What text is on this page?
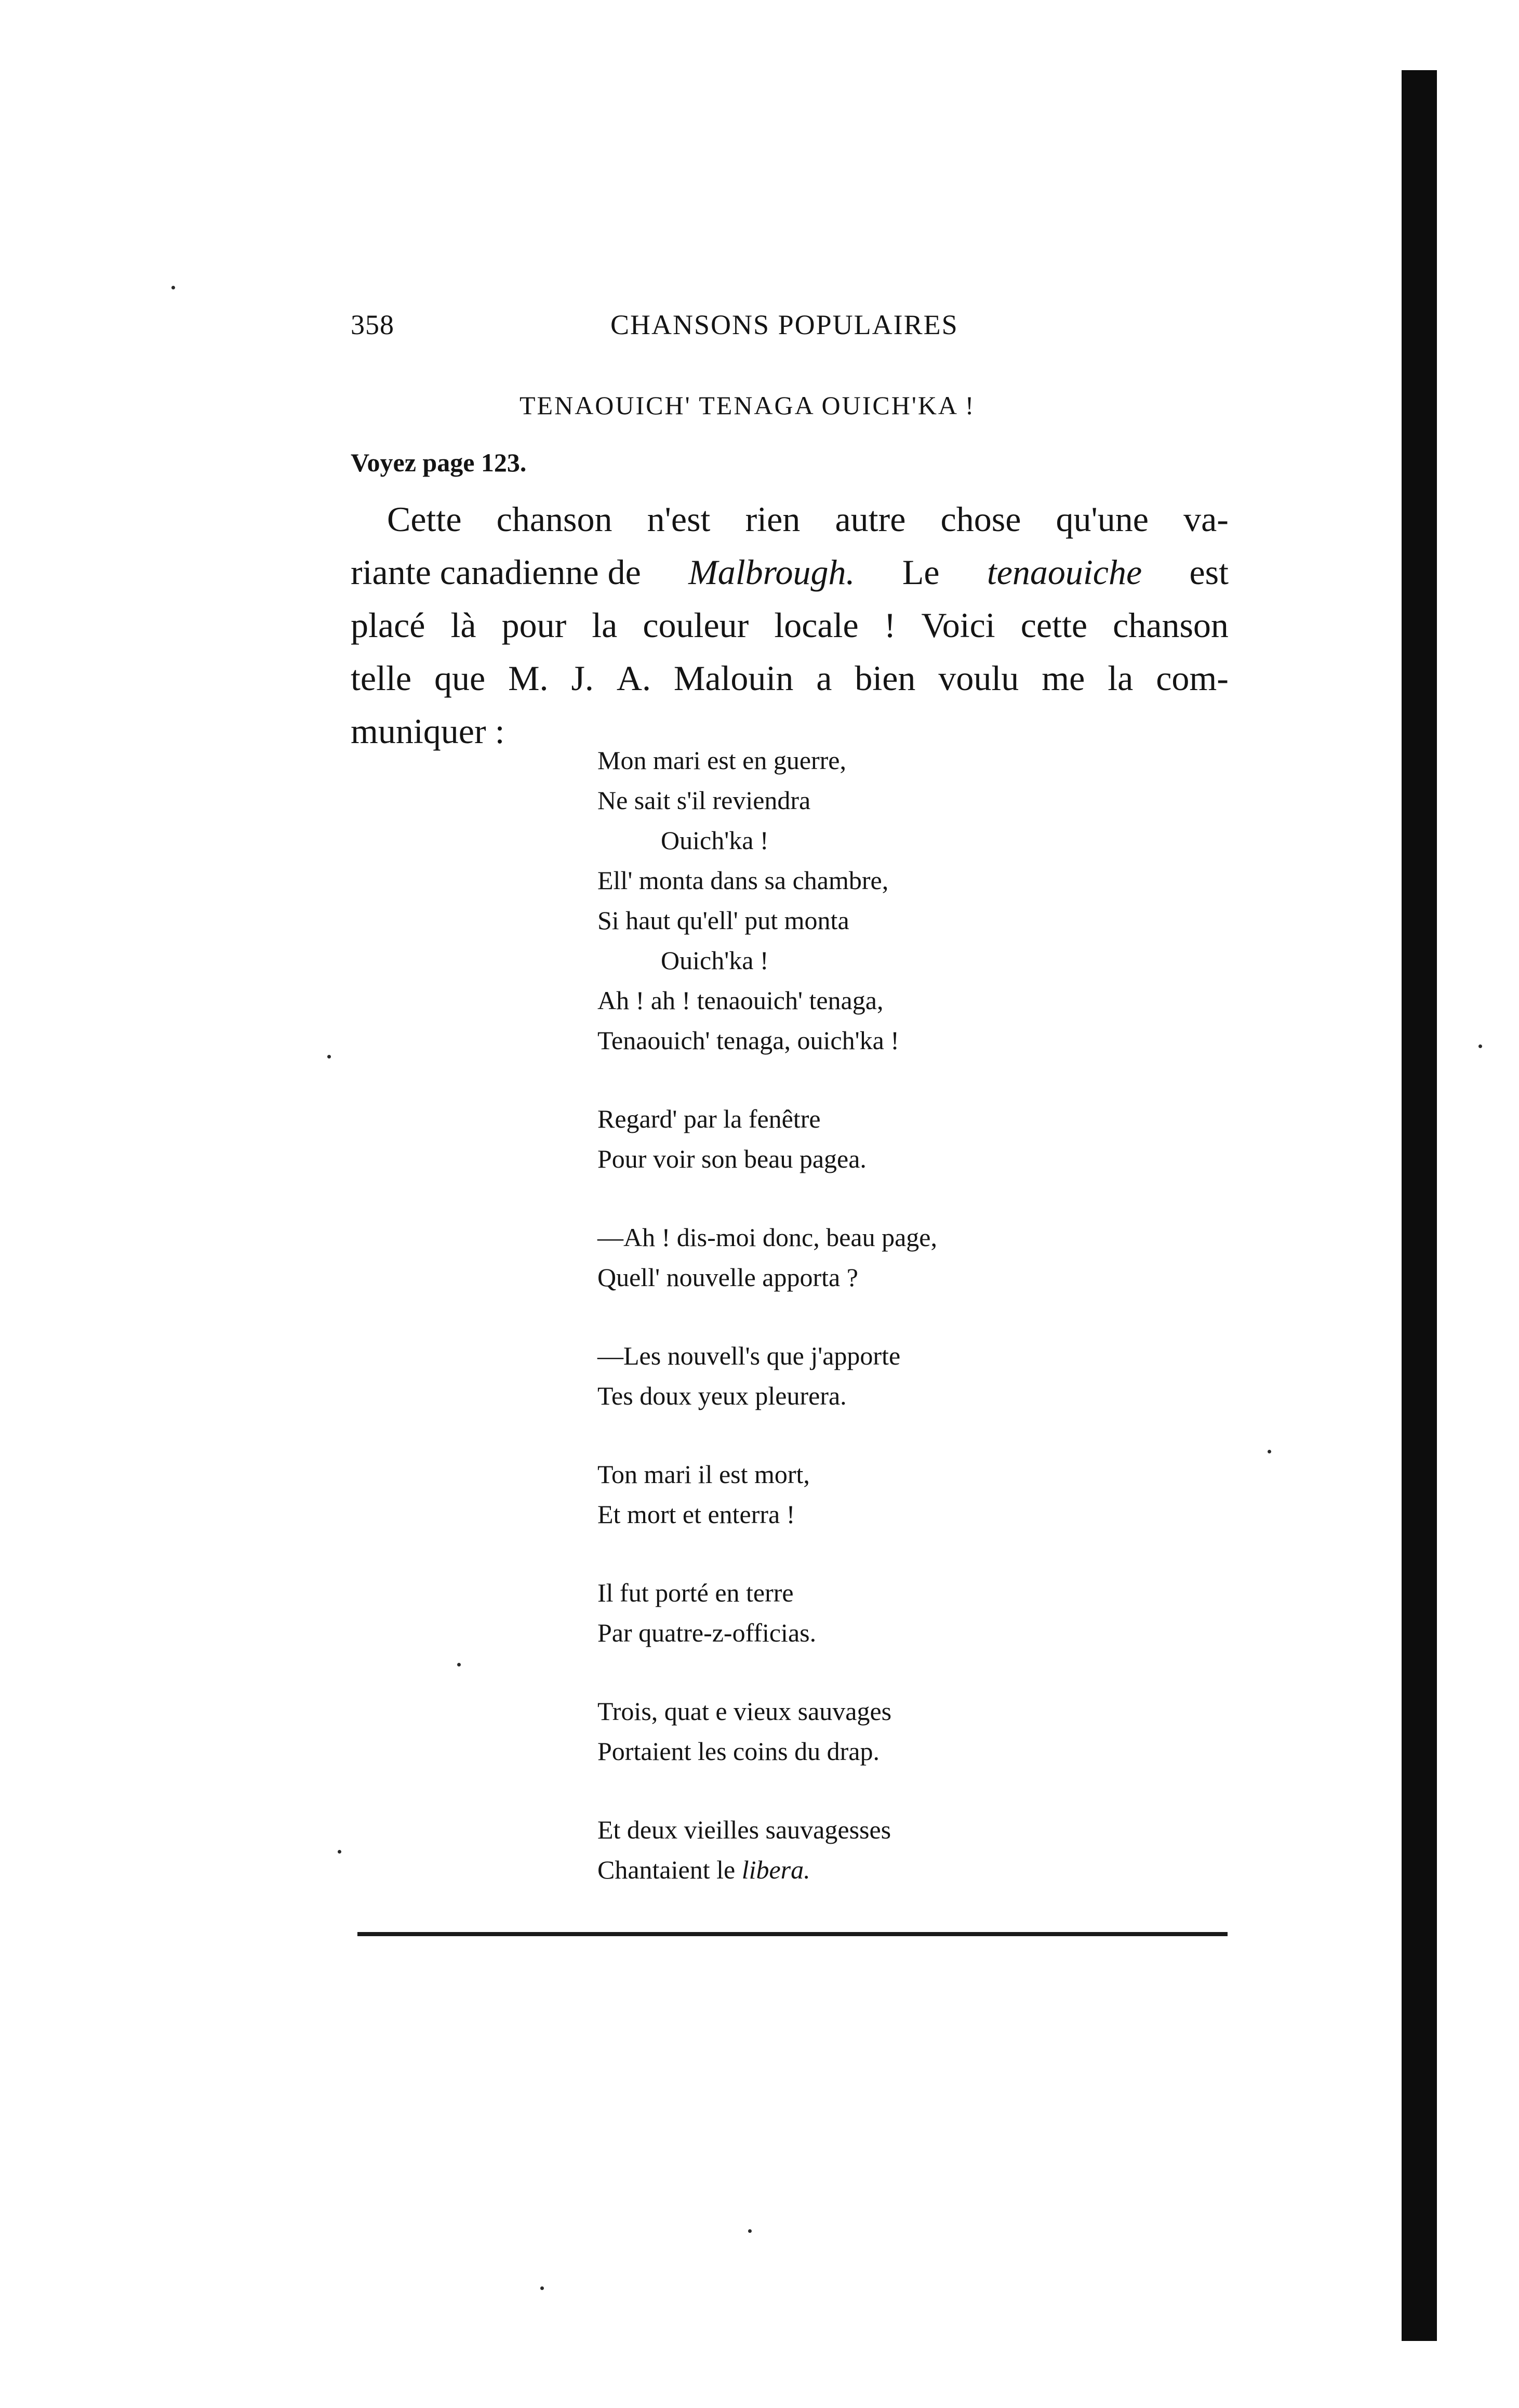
358	CHANSONS POPULAIRES
TENAOUICH' TENAGA OUICH'KA !
Voyez page 123.
Cette chanson n'est rien autre chose qu'une va-
riante canadienne de Malbrough. Le tenaouiche est
placé là pour la couleur locale ! Voici cette chanson
telle que M. J. A. Malouin a bien voulu me la com-
muniquer :
Mon mari est en guerre,
Ne sait s'il reviendra
Ouich'ka !
Ell' monta dans sa chambre,
Si haut qu'ell' put monta
Ouich'ka !
Ah ! ah ! tenaouich' tenaga,
Tenaouich' tenaga, ouich'ka !
Regard' par la fenêtre
Pour voir son beau pagea.
—Ah ! dis-moi donc, beau page,
Quell' nouvelle apporta ?
—Les nouvell's que j'apporte
Tes doux yeux pleurera.
Ton mari il est mort,
Et mort et enterra !
Il fut porté en terre
Par quatre-z-officias.
Trois, quat e vieux sauvages
Portaient les coins du drap.
Et deux vieilles sauvagesses
Chantaient le libera.
